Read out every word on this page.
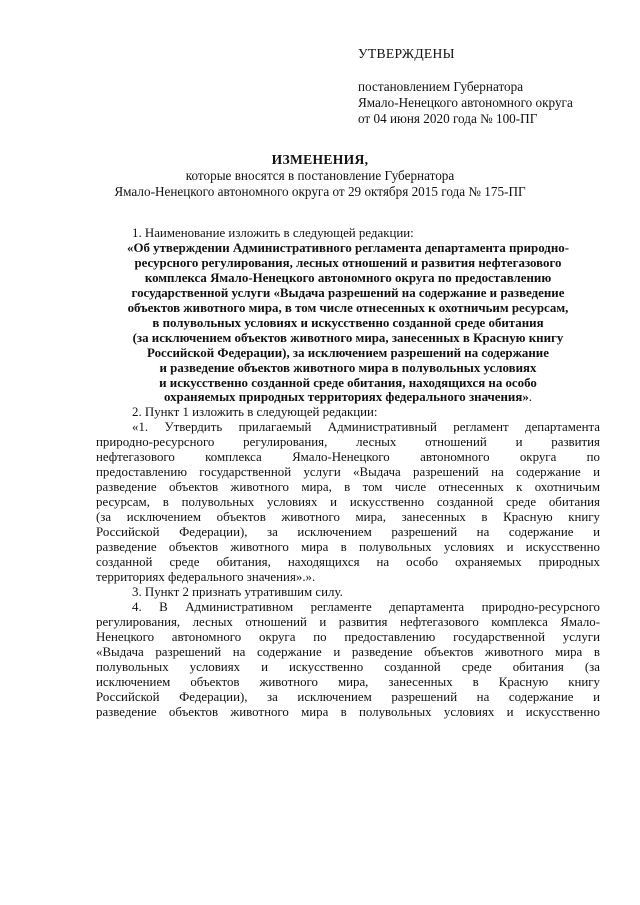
УТВЕРЖДЕНЫ
постановлением Губернатора
Ямало-Ненецкого автономного округа
от 04 июня 2020 года № 100-ПГ
ИЗМЕНЕНИЯ,
которые вносятся в постановление Губернатора
Ямало-Ненецкого автономного округа от 29 октября 2015 года № 175-ПГ
1. Наименование изложить в следующей редакции:
«Об утверждении Административного регламента департамента природно-
ресурсного регулирования, лесных отношений и развития нефтегазового
комплекса Ямало-Ненецкого автономного округа по предоставлению
государственной услуги «Выдача разрешений на содержание и разведение
объектов животного мира, в том числе отнесенных к охотничьим ресурсам,
в полувольных условиях и искусственно созданной среде обитания
(за исключением объектов животного мира, занесенных в Красную книгу
Российской Федерации), за исключением разрешений на содержание
и разведение объектов животного мира в полувольных условиях
и искусственно созданной среде обитания, находящихся на особо
охраняемых природных территориях федерального значения».
2. Пункт 1 изложить в следующей редакции:
«1. Утвердить прилагаемый Административный регламент департамента
природно-ресурсного регулирования, лесных отношений и развития
нефтегазового комплекса Ямало-Ненецкого автономного округа по
предоставлению государственной услуги «Выдача разрешений на содержание и
разведение объектов животного мира, в том числе отнесенных к охотничьим
ресурсам, в полувольных условиях и искусственно созданной среде обитания
(за исключением объектов животного мира, занесенных в Красную книгу
Российской Федерации), за исключением разрешений на содержание и
разведение объектов животного мира в полувольных условиях и искусственно
созданной среде обитания, находящихся на особо охраняемых природных
территориях федерального значения».».
3. Пункт 2 признать утратившим силу.
4. В Административном регламенте департамента природно-ресурсного
регулирования, лесных отношений и развития нефтегазового комплекса Ямало-
Ненецкого автономного округа по предоставлению государственной услуги
«Выдача разрешений на содержание и разведение объектов животного мира в
полувольных условиях и искусственно созданной среде обитания (за
исключением объектов животного мира, занесенных в Красную книгу
Российской Федерации), за исключением разрешений на содержание и
разведение объектов животного мира в полувольных условиях и искусственно
